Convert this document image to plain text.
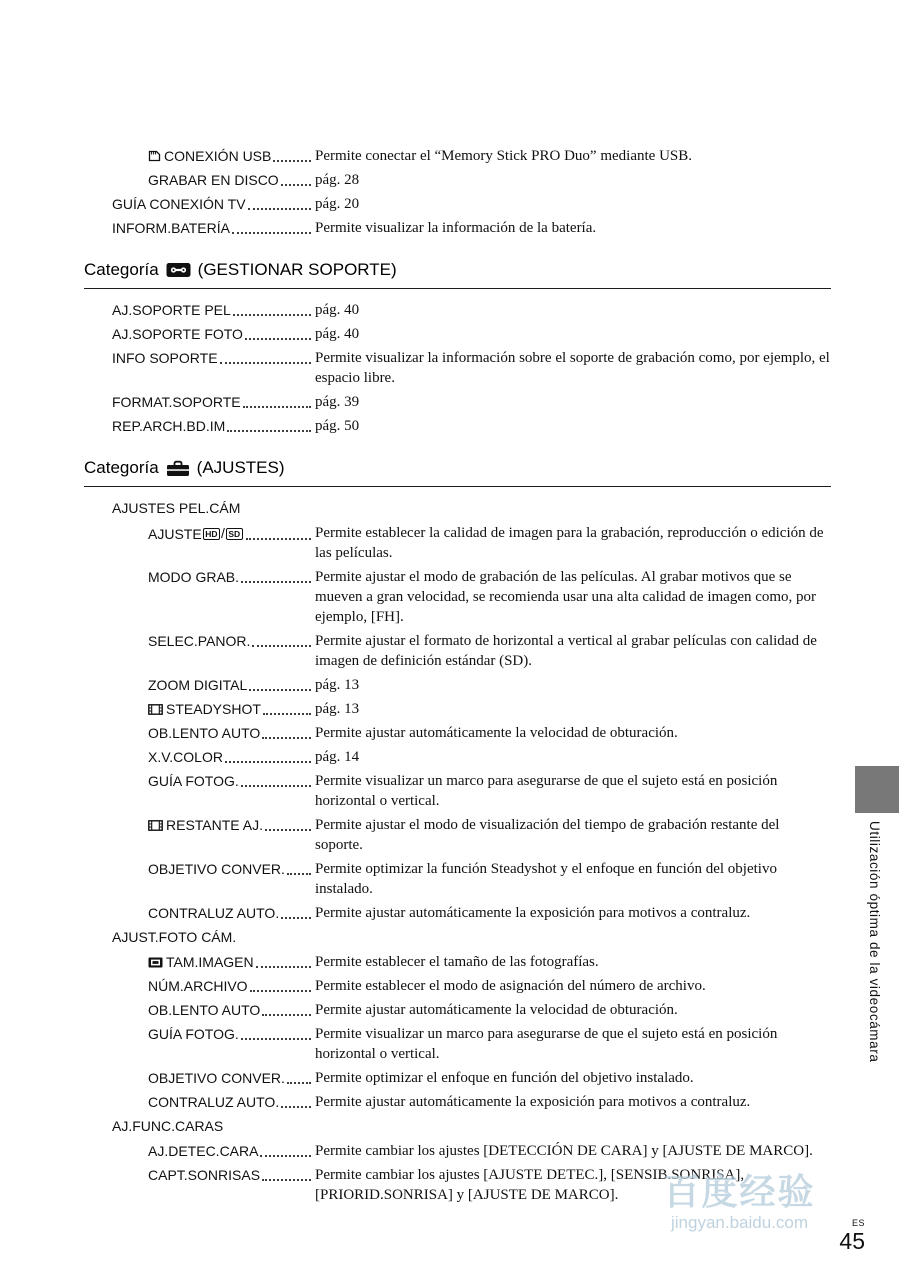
CONEXIÓN USB	Permite conectar el “Memory Stick PRO Duo” mediante USB.
GRABAR EN DISCO pág. 28
GUÍA CONEXIÓN TV	pág. 20
INFORM.BATERÍA	Permite visualizar la información de la batería.
Categoría (GESTIONAR SOPORTE)
AJ.SOPORTE PEL	pág. 40
AJ.SOPORTE FOTO	pág. 40
INFO SOPORTE	Permite visualizar la información sobre el soporte de grabación como, por ejemplo, el espacio libre.
FORMAT.SOPORTE	pág. 39
REP.ARCH.BD.IM	pág. 50
Categoría (AJUSTES)
AJUSTES PEL.CÁM
AJUSTE HD / SD	Permite establecer la calidad de imagen para la grabación, reproducción o edición de las películas.
MODO GRAB.	Permite ajustar el modo de grabación de las películas. Al grabar motivos que se mueven a gran velocidad, se recomienda usar una alta calidad de imagen como, por ejemplo, [FH].
SELEC.PANOR.	Permite ajustar el formato de horizontal a vertical al grabar películas con calidad de imagen de definición estándar (SD).
ZOOM DIGITAL	pág. 13
STEADYSHOT	pág. 13
OB.LENTO AUTO	Permite ajustar automáticamente la velocidad de obturación.
X.V.COLOR	pág. 14
GUÍA FOTOG.	Permite visualizar un marco para asegurarse de que el sujeto está en posición horizontal o vertical.
RESTANTE AJ.	Permite ajustar el modo de visualización del tiempo de grabación restante del soporte.
OBJETIVO CONVER. Permite optimizar la función Steadyshot y el enfoque en función del objetivo instalado.
CONTRALUZ AUTO. Permite ajustar automáticamente la exposición para motivos a contraluz.
AJUST.FOTO CÁM.
TAM.IMAGEN	Permite establecer el tamaño de las fotografías.
NÚM.ARCHIVO	Permite establecer el modo de asignación del número de archivo.
OB.LENTO AUTO	Permite ajustar automáticamente la velocidad de obturación.
GUÍA FOTOG.	Permite visualizar un marco para asegurarse de que el sujeto está en posición horizontal o vertical.
OBJETIVO CONVER. Permite optimizar el enfoque en función del objetivo instalado.
CONTRALUZ AUTO. Permite ajustar automáticamente la exposición para motivos a contraluz.
AJ.FUNC.CARAS
AJ.DETEC.CARA	Permite cambiar los ajustes [DETECCIÓN DE CARA] y [AJUSTE DE MARCO].
CAPT.SONRISAS	Permite cambiar los ajustes [AJUSTE DETEC.], [SENSIB.SONRISA], [PRIORID.SONRISA] y [AJUSTE DE MARCO].
Utilización óptima de la videocámara
百度经验
jingyan.baidu.com	ES
45
